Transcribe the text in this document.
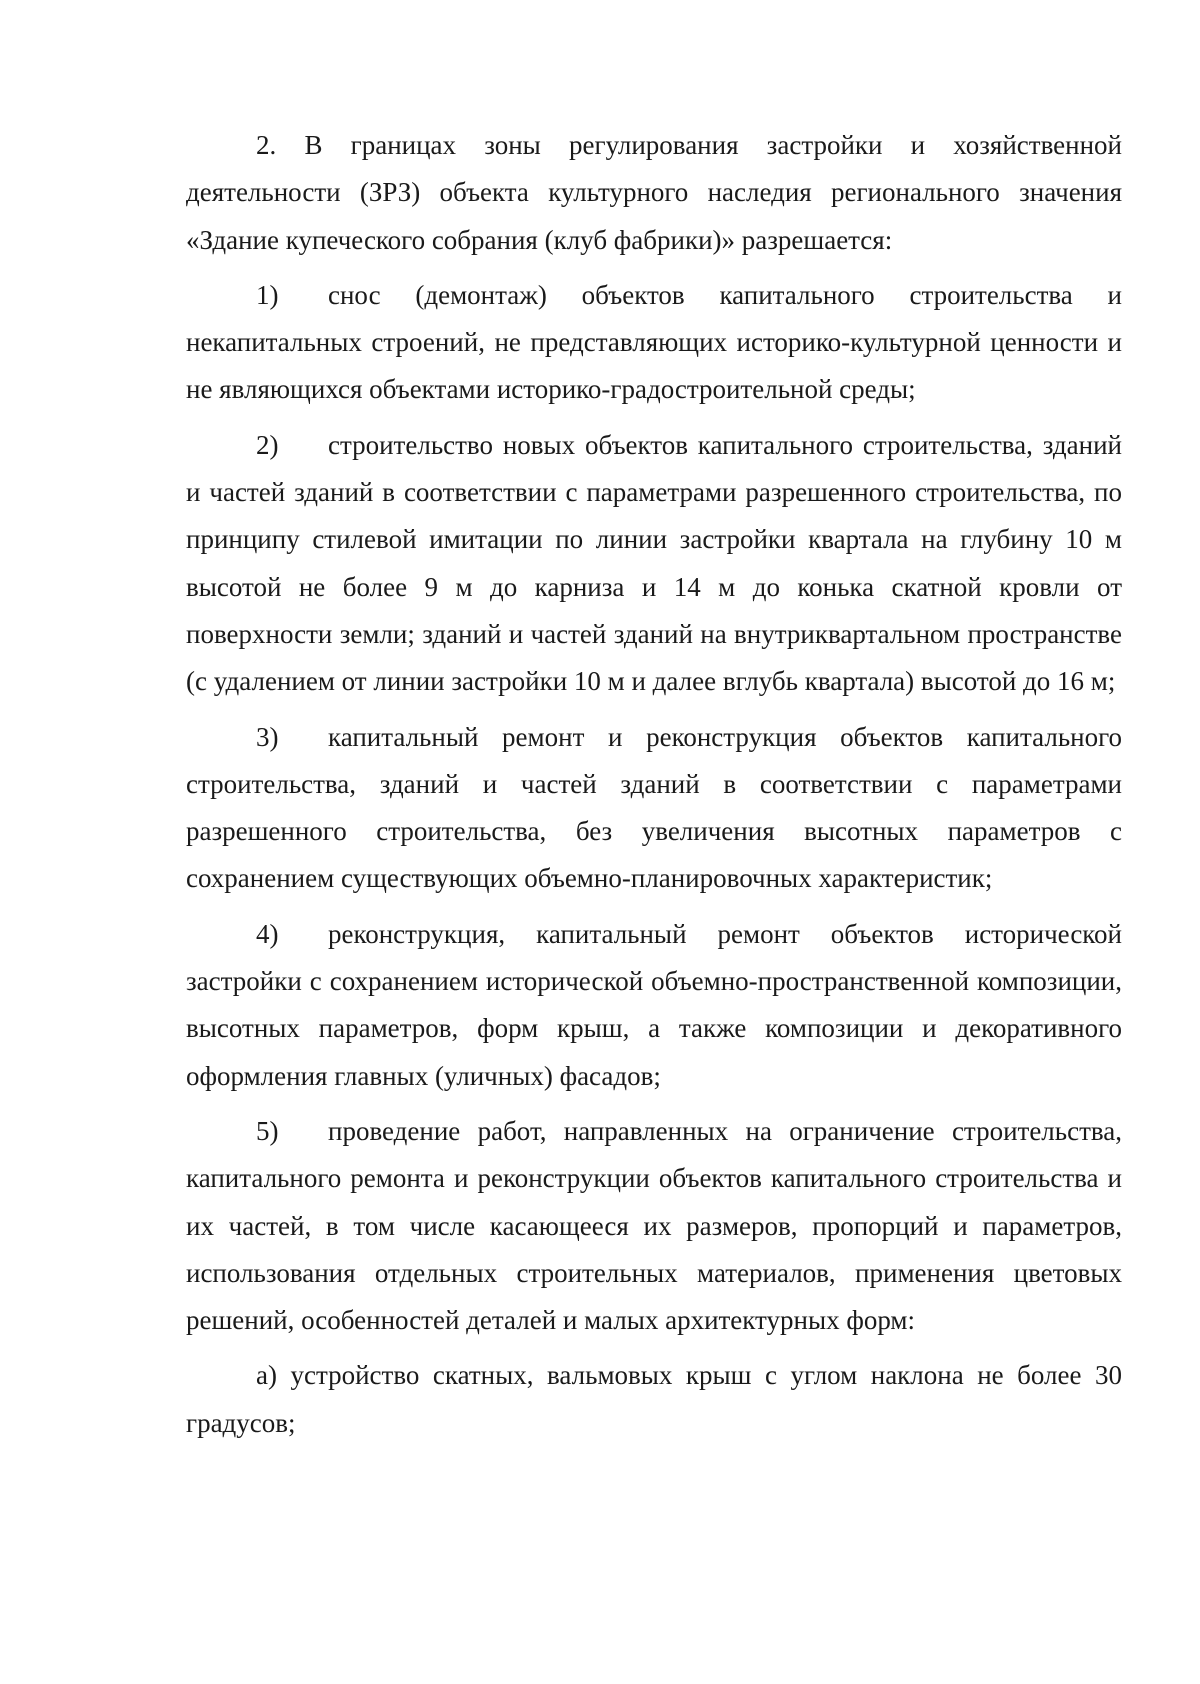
2. В границах зоны регулирования застройки и хозяйственной деятельности (ЗРЗ) объекта культурного наследия регионального значения «Здание купеческого собрания (клуб фабрики)» разрешается:

1) снос (демонтаж) объектов капитального строительства и некапитальных строений, не представляющих историко-культурной ценности и не являющихся объектами историко-градостроительной среды;

2) строительство новых объектов капитального строительства, зданий и частей зданий в соответствии с параметрами разрешенного строительства, по принципу стилевой имитации по линии застройки квартала на глубину 10 м высотой не более 9 м до карниза и 14 м до конька скатной кровли от поверхности земли; зданий и частей зданий на внутриквартальном пространстве (с удалением от линии застройки 10 м и далее вглубь квартала) высотой до 16 м;

3) капитальный ремонт и реконструкция объектов капитального строительства, зданий и частей зданий в соответствии с параметрами разрешенного строительства, без увеличения высотных параметров с сохранением существующих объемно-планировочных характеристик;

4) реконструкция, капитальный ремонт объектов исторической застройки с сохранением исторической объемно-пространственной композиции, высотных параметров, форм крыш, а также композиции и декоративного оформления главных (уличных) фасадов;

5) проведение работ, направленных на ограничение строительства, капитального ремонта и реконструкции объектов капитального строительства и их частей, в том числе касающееся их размеров, пропорций и параметров, использования отдельных строительных материалов, применения цветовых решений, особенностей деталей и малых архитектурных форм:

а) устройство скатных, вальмовых крыш с углом наклона не более 30 градусов;
